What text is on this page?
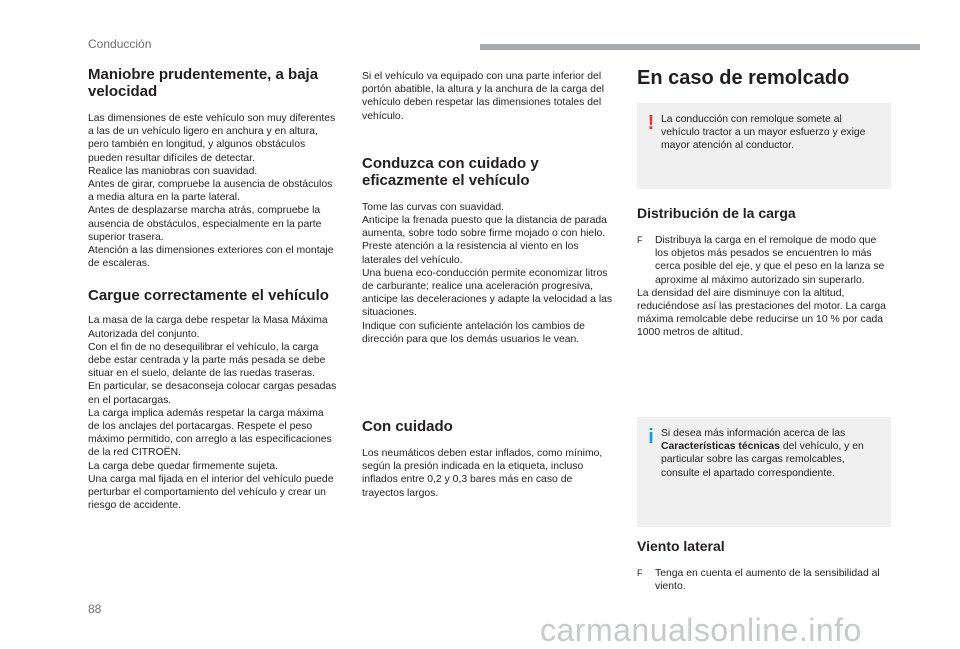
Conducción
Maniobre prudentemente, a baja velocidad

Las dimensiones de este vehículo son muy diferentes a las de un vehículo ligero en anchura y en altura, pero también en longitud, y algunos obstáculos pueden resultar difíciles de detectar.

Realice las maniobras con suavidad.

Antes de girar, compruebe la ausencia de obstáculos a media altura en la parte lateral.

Antes de desplazarse marcha atrás, compruebe la ausencia de obstáculos, especialmente en la parte superior trasera.

Atención a las dimensiones exteriores con el montaje de escaleras.

Cargue correctamente el vehículo

La masa de la carga debe respetar la Masa Máxima Autorizada del conjunto.

Con el fin de no desequilibrar el vehículo, la carga debe estar centrada y la parte más pesada se debe situar en el suelo, delante de las ruedas traseras.

En particular, se desaconseja colocar cargas pesadas en el portacargas.

La carga implica además respetar la carga máxima de los anclajes del portacargas. Respete el peso máximo permitido, con arreglo a las especificaciones de la red CITROËN.

La carga debe quedar firmemente sujeta.

Una carga mal fijada en el interior del vehículo puede perturbar el comportamiento del vehículo y crear un riesgo de accidente.

Si el vehículo va equipado con una parte inferior del portón abatible, la altura y la anchura de la carga del vehículo deben respetar las dimensiones totales del vehículo.

Conduzca con cuidado y eficazmente el vehículo

Tome las curvas con suavidad.

Anticipe la frenada puesto que la distancia de parada aumenta, sobre todo sobre firme mojado o con hielo.

Preste atención a la resistencia al viento en los laterales del vehículo.

Una buena eco-conducción permite economizar litros de carburante; realice una aceleración progresiva, anticipe las deceleraciones y adapte la velocidad a las situaciones.

Indique con suficiente antelación los cambios de dirección para que los demás usuarios le vean.

Con cuidado

Los neumáticos deben estar inflados, como mínimo, según la presión indicada en la etiqueta, incluso inflados entre 0,2 y 0,3 bares más en caso de trayectos largos.

En caso de remolcado
! La conducción con remolque somete al vehículo tractor a un mayor esfuerzo y exige mayor atención al conductor.

Distribución de la carga
F	Distribuya la carga en el remolque de modo que los objetos más pesados se encuentren lo más cerca posible del eje, y que el peso en la lanza se aproxime al máximo autorizado sin superarlo.

La densidad del aire disminuye con la altitud, reduciéndose así las prestaciones del motor. La carga máxima remolcable debe reducirse un 10 % por cada 1000 metros de altitud.

i Si desea más información acerca de las Características técnicas del vehículo, y en particular sobre las cargas remolcables, consulte el apartado correspondiente.

Viento lateral
F	Tenga en cuenta el aumento de la sensibilidad al viento.

88
carmanualsonline.info
